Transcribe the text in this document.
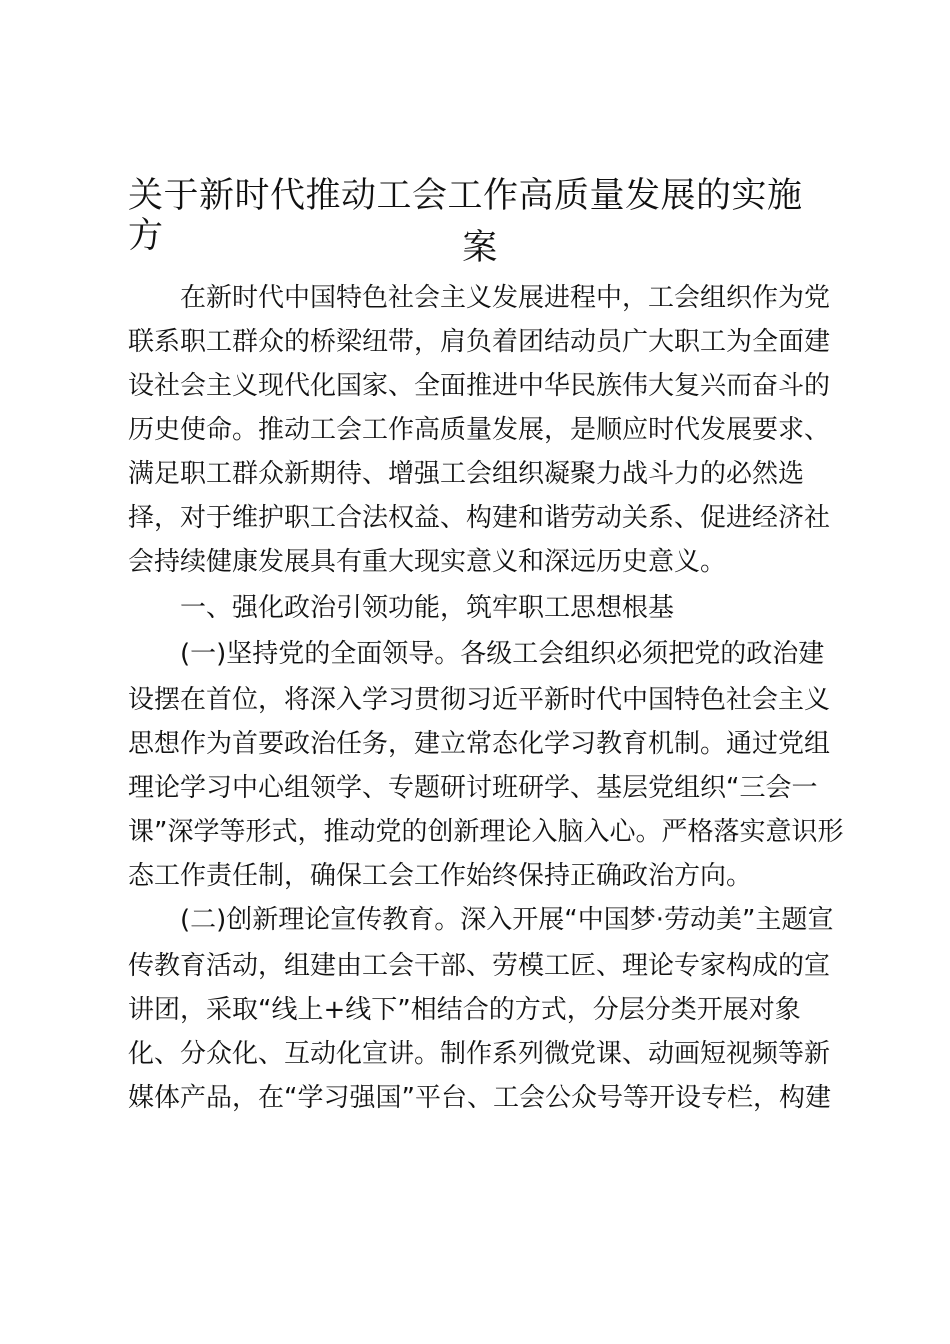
关于新时代推动工会工作高质量发展的实施方	案

在新时代中国特色社会主义发展进程中，工会组织作为党

联系职工群众的桥梁纽带，肩负着团结动员广大职工为全面建

设社会主义现代化国家、全面推进中华民族伟大复兴而奋斗的

历史使命。推动工会工作高质量发展，是顺应时代发展要求、

满足职工群众新期待、增强工会组织凝聚力战斗力的必然选

择，对于维护职工合法权益、构建和谐劳动关系、促进经济社

会持续健康发展具有重大现实意义和深远历史意义。

一、强化政治引领功能，筑牢职工思想根基

(一)坚持党的全面领导。各级工会组织必须把党的政治建

设摆在首位，将深入学习贯彻习近平新时代中国特色社会主义

思想作为首要政治任务，建立常态化学习教育机制。通过党组

理论学习中心组领学、专题研讨班研学、基层党组织“三会一

课”深学等形式，推动党的创新理论入脑入心。严格落实意识形

态工作责任制，确保工会工作始终保持正确政治方向。

(二)创新理论宣传教育。深入开展“中国梦·劳动美”主题宣

传教育活动，组建由工会干部、劳模工匠、理论专家构成的宣

讲团，采取“线上+线下”相结合的方式，分层分类开展对象

化、分众化、互动化宣讲。制作系列微党课、动画短视频等新

媒体产品，在“学习强国”平台、工会公众号等开设专栏，构建
